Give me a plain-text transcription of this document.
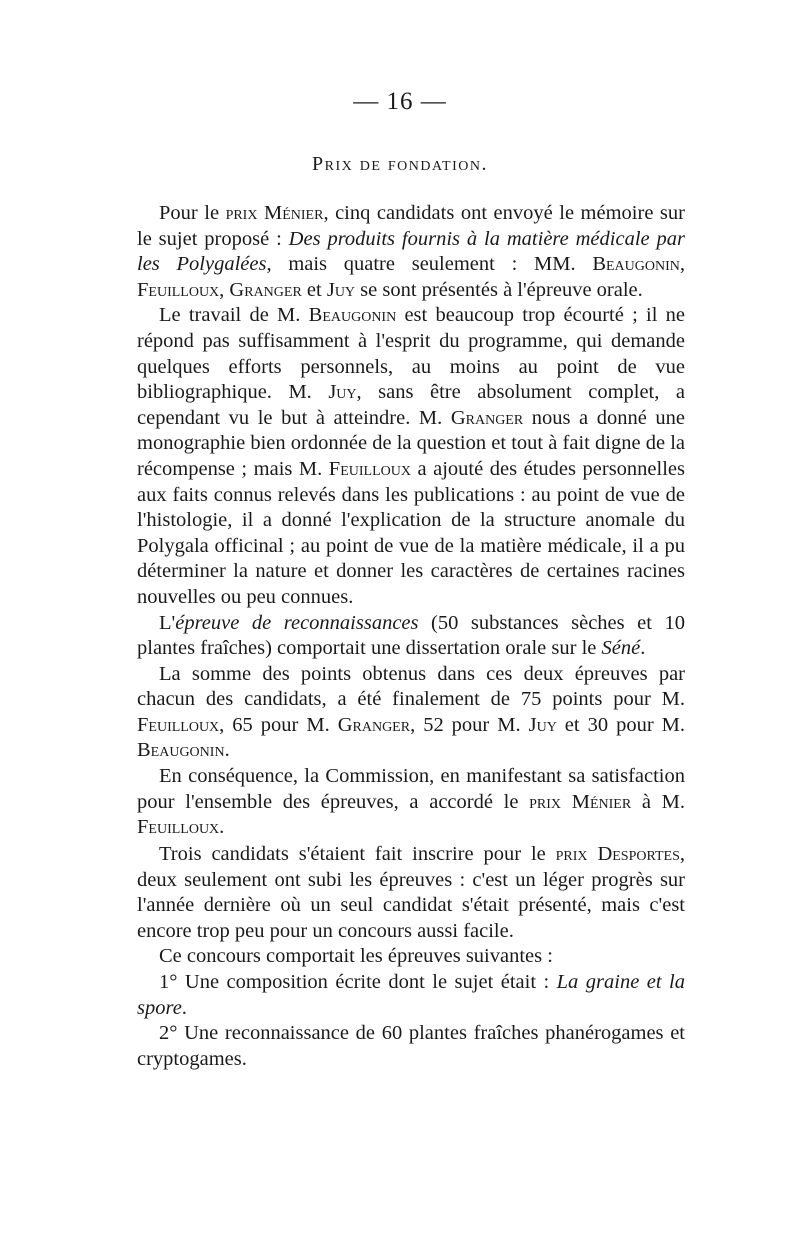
— 16 —
Prix de fondation.

Pour le prix Ménier, cinq candidats ont envoyé le mémoire sur le sujet proposé : Des produits fournis à la matière médicale par les Polygalées, mais quatre seulement : MM. Beaugonin, Feuilloux, Granger et Juy se sont présentés à l'épreuve orale.

Le travail de M. Beaugonin est beaucoup trop écourté ; il ne répond pas suffisamment à l'esprit du programme, qui demande quelques efforts personnels, au moins au point de vue bibliographique. M. Juy, sans être absolument complet, a cependant vu le but à atteindre. M. Granger nous a donné une monographie bien ordonnée de la question et tout à fait digne de la récompense ; mais M. Feuilloux a ajouté des études personnelles aux faits connus relevés dans les publications : au point de vue de l'histologie, il a donné l'explication de la structure anomale du Polygala officinal ; au point de vue de la matière médicale, il a pu déterminer la nature et donner les caractères de certaines racines nouvelles ou peu connues.

L'épreuve de reconnaissances (50 substances sèches et 10 plantes fraîches) comportait une dissertation orale sur le Séné.

La somme des points obtenus dans ces deux épreuves par chacun des candidats, a été finalement de 75 points pour M. Feuilloux, 65 pour M. Granger, 52 pour M. Juy et 30 pour M. Beaugonin.

En conséquence, la Commission, en manifestant sa satisfaction pour l'ensemble des épreuves, a accordé le prix Ménier à M. Feuilloux.

Trois candidats s'étaient fait inscrire pour le prix Desportes, deux seulement ont subi les épreuves : c'est un léger progrès sur l'année dernière où un seul candidat s'était présenté, mais c'est encore trop peu pour un concours aussi facile.

Ce concours comportait les épreuves suivantes :

1° Une composition écrite dont le sujet était : La graine et la spore.

2° Une reconnaissance de 60 plantes fraîches phanérogames et cryptogames.
